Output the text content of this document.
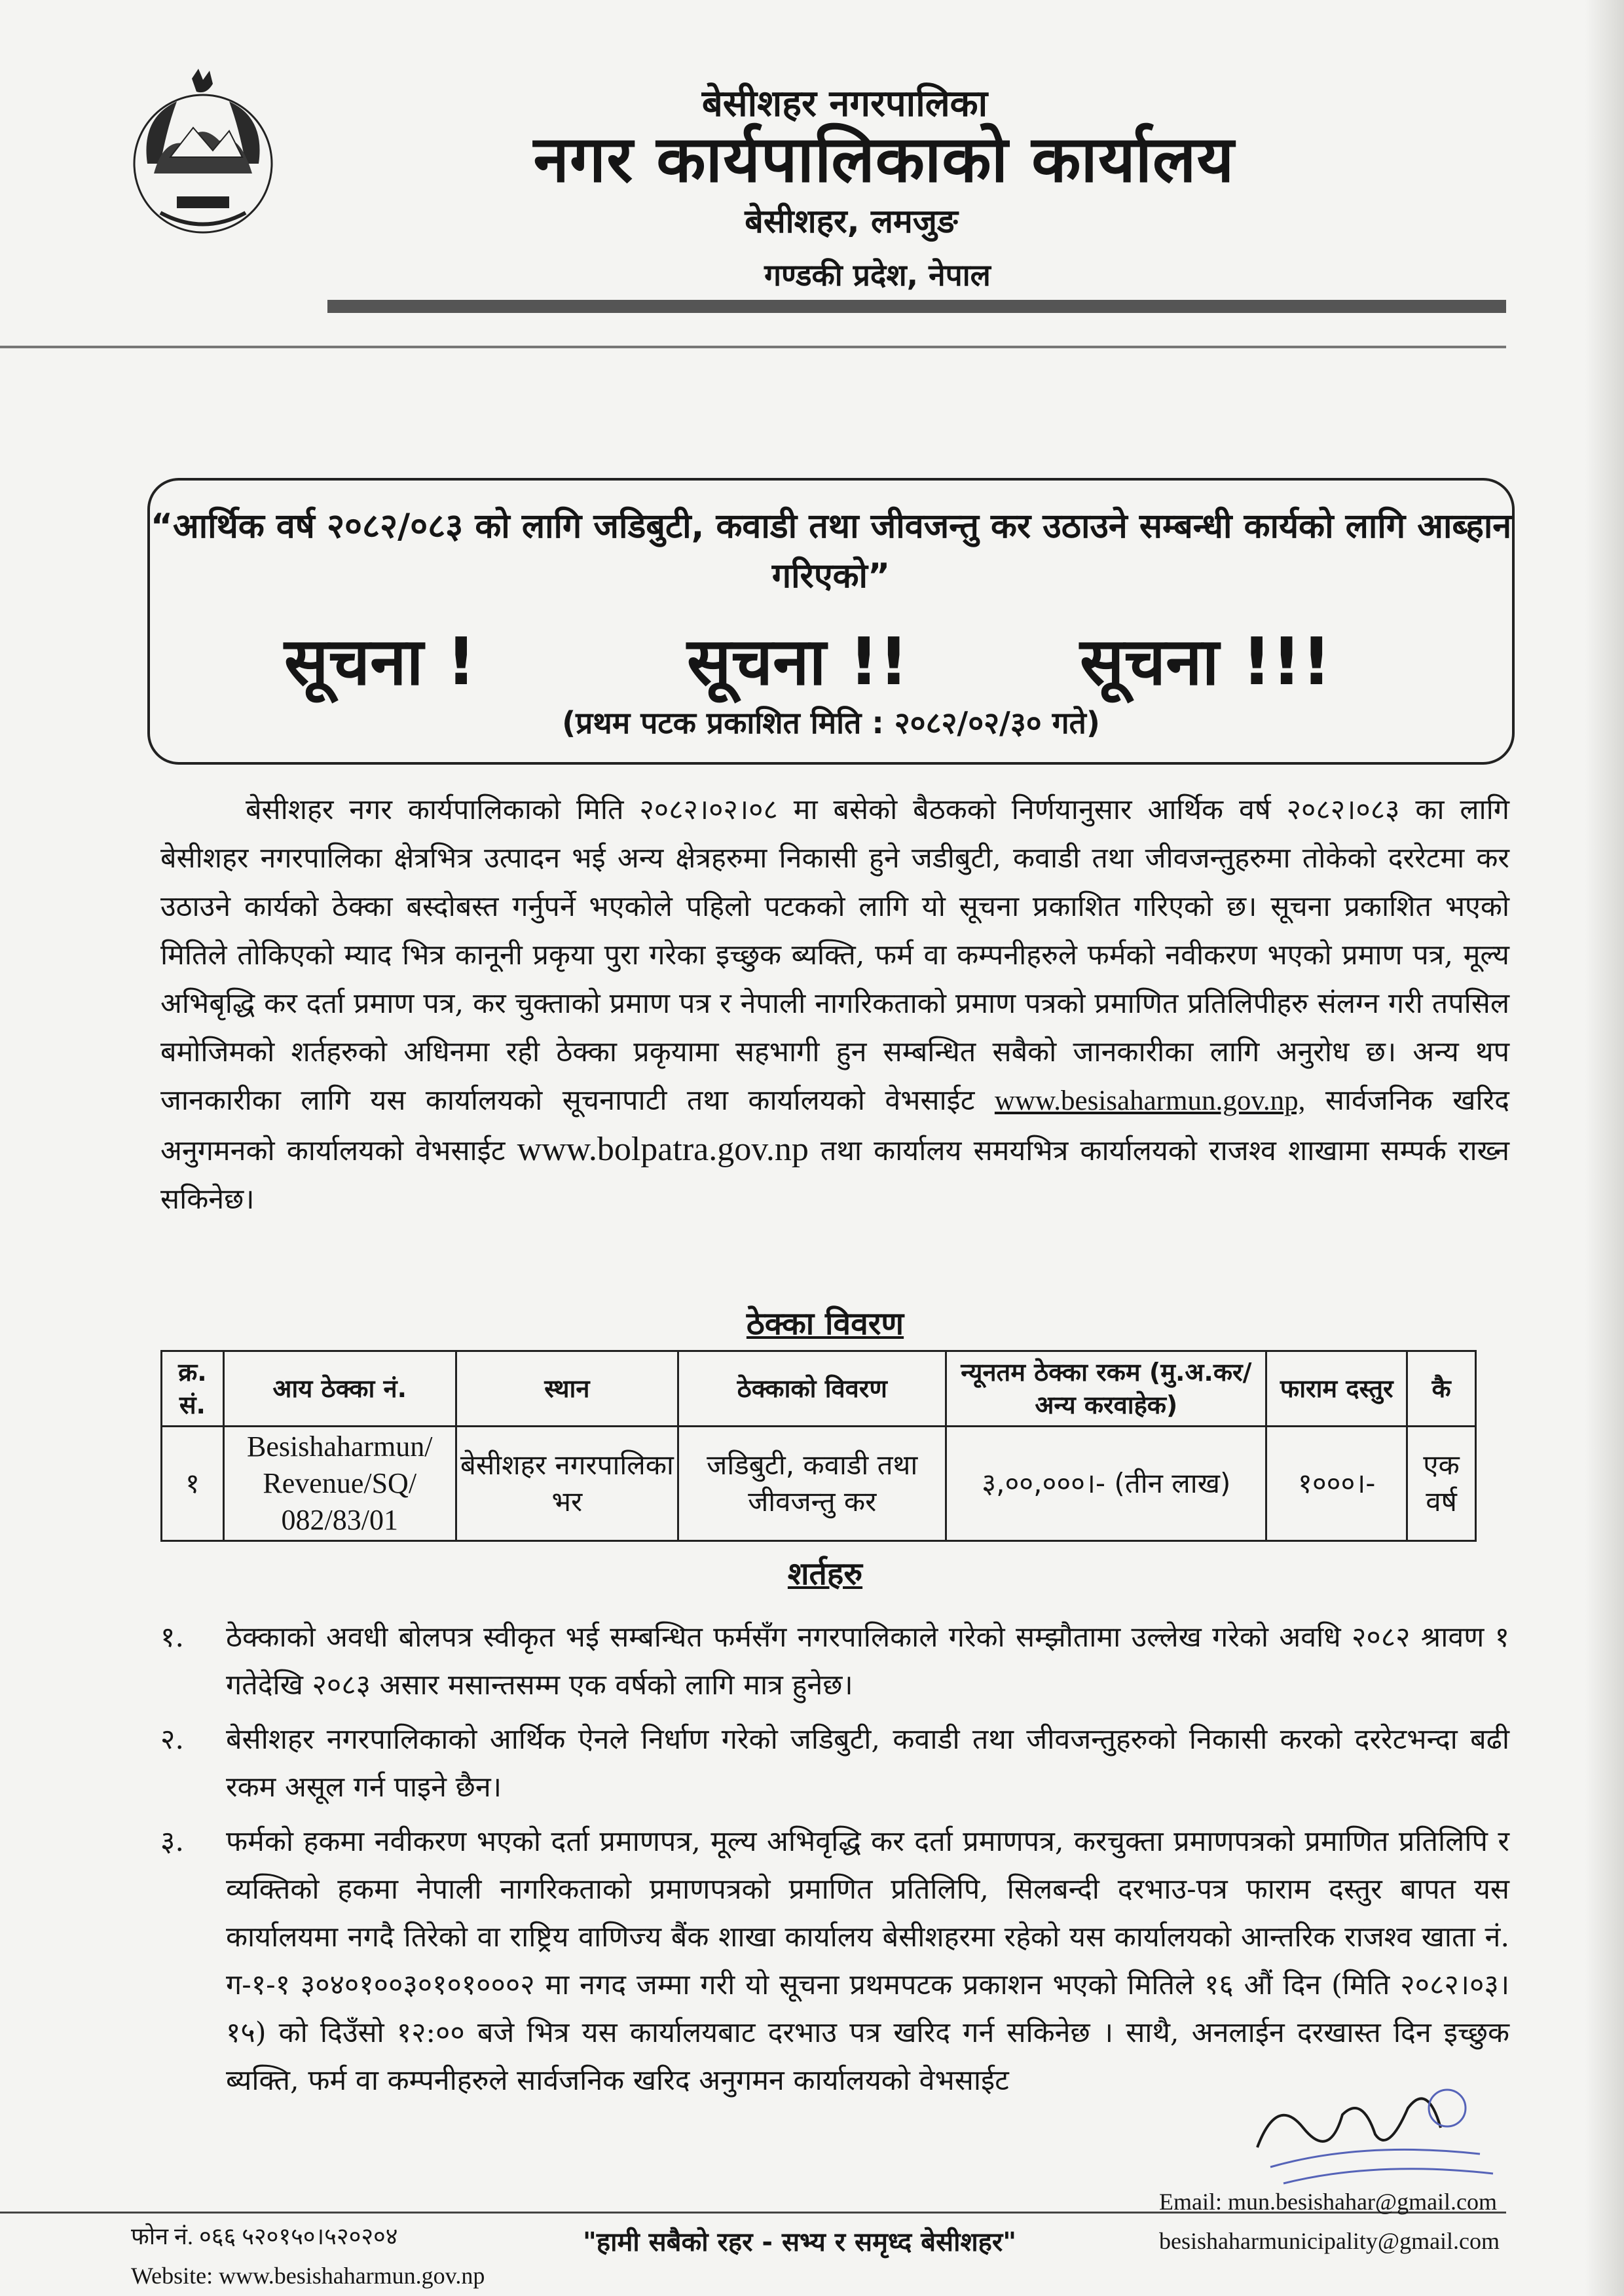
बेसीशहर नगरपालिका
नगर कार्यपालिकाको कार्यालय
बेसीशहर, लमजुङ
गण्डकी प्रदेश, नेपाल
“आर्थिक वर्ष २०८२/०८३ को लागि जडिबुटी, कवाडी तथा जीवजन्तु कर उठाउने सम्बन्धी कार्यको लागि आब्हान गरिएको”
सूचना !	सूचना !!	सूचना !!!
(प्रथम पटक प्रकाशित मिति : २०८२/०२/३० गते)
बेसीशहर नगर कार्यपालिकाको मिति २०८२।०२।०८ मा बसेको बैठकको निर्णयानुसार आर्थिक वर्ष २०८२।०८३ का लागि बेसीशहर नगरपालिका क्षेत्रभित्र उत्पादन भई अन्य क्षेत्रहरुमा निकासी हुने जडीबुटी, कवाडी तथा जीवजन्तुहरुमा तोकेको दररेटमा कर उठाउने कार्यको ठेक्का बस्दोबस्त गर्नुपर्ने भएकोले पहिलो पटकको लागि यो सूचना प्रकाशित गरिएको छ। सूचना प्रकाशित भएको मितिले तोकिएको म्याद भित्र कानूनी प्रकृया पुरा गरेका इच्छुक ब्यक्ति, फर्म वा कम्पनीहरुले फर्मको नवीकरण भएको प्रमाण पत्र, मूल्य अभिबृद्धि कर दर्ता प्रमाण पत्र, कर चुक्ताको प्रमाण पत्र र नेपाली नागरिकताको प्रमाण पत्रको प्रमाणित प्रतिलिपीहरु संलग्न गरी तपसिल बमोजिमको शर्तहरुको अधिनमा रही ठेक्का प्रकृयामा सहभागी हुन सम्बन्धित सबैको जानकारीका लागि अनुरोध छ। अन्य थप जानकारीका लागि यस कार्यालयको सूचनापाटी तथा कार्यालयको वेभसाईट www.besisaharmun.gov.np, सार्वजनिक खरिद अनुगमनको कार्यालयको वेभसाईट www.bolpatra.gov.np तथा कार्यालय समयभित्र कार्यालयको राजश्व शाखामा सम्पर्क राख्न सकिनेछ।
ठेक्का विवरण
क्र. सं.	आय ठेक्का नं.	स्थान	ठेक्काको विवरण	न्यूनतम ठेक्का रकम (मु.अ.कर/अन्य करवाहेक)	फाराम दस्तुर	कै
१	Besishaharmun/ Revenue/SQ/ 082/83/01	बेसीशहर नगरपालिका भर	जडिबुटी, कवाडी तथा जीवजन्तु कर	३,००,०००।- (तीन लाख)	१०००।-	एक वर्ष
शर्तहरु
१. ठेक्काको अवधी बोलपत्र स्वीकृत भई सम्बन्धित फर्मसँग नगरपालिकाले गरेको सम्झौतामा उल्लेख गरेको अवधि २०८२ श्रावण १ गतेदेखि २०८३ असार मसान्तसम्म एक वर्षको लागि मात्र हुनेछ।
२. बेसीशहर नगरपालिकाको आर्थिक ऐनले निर्धाण गरेको जडिबुटी, कवाडी तथा जीवजन्तुहरुको निकासी करको दररेटभन्दा बढी रकम असूल गर्न पाइने छैन।
३. फर्मको हकमा नवीकरण भएको दर्ता प्रमाणपत्र, मूल्य अभिवृद्धि कर दर्ता प्रमाणपत्र, करचुक्ता प्रमाणपत्रको प्रमाणित प्रतिलिपि र व्यक्तिको हकमा नेपाली नागरिकताको प्रमाणपत्रको प्रमाणित प्रतिलिपि, सिलबन्दी दरभाउ-पत्र फाराम दस्तुर बापत यस कार्यालयमा नगदै तिरेको वा राष्ट्रिय वाणिज्य बैंक शाखा कार्यालय बेसीशहरमा रहेको यस कार्यालयको आन्तरिक राजश्व खाता नं. ग-१-१ ३०४०१००३०१०१०००२ मा नगद जम्मा गरी यो सूचना प्रथमपटक प्रकाशन भएको मितिले १६ औं दिन (मिति २०८२।०३।१५) को दिउँसो १२:०० बजे भित्र यस कार्यालयबाट दरभाउ पत्र खरिद गर्न सकिनेछ । साथै, अनलाईन दरखास्त दिन इच्छुक ब्यक्ति, फर्म वा कम्पनीहरुले सार्वजनिक खरिद अनुगमन कार्यालयको वेभसाईट
फोन नं. ०६६ ५२०१५०।५२०२०४
Website: www.besishaharmun.gov.np
"हामी सबैको रहर - सभ्य र समृध्द बेसीशहर"
Email: mun.besishahar@gmail.com
besishaharmunicipality@gmail.com
